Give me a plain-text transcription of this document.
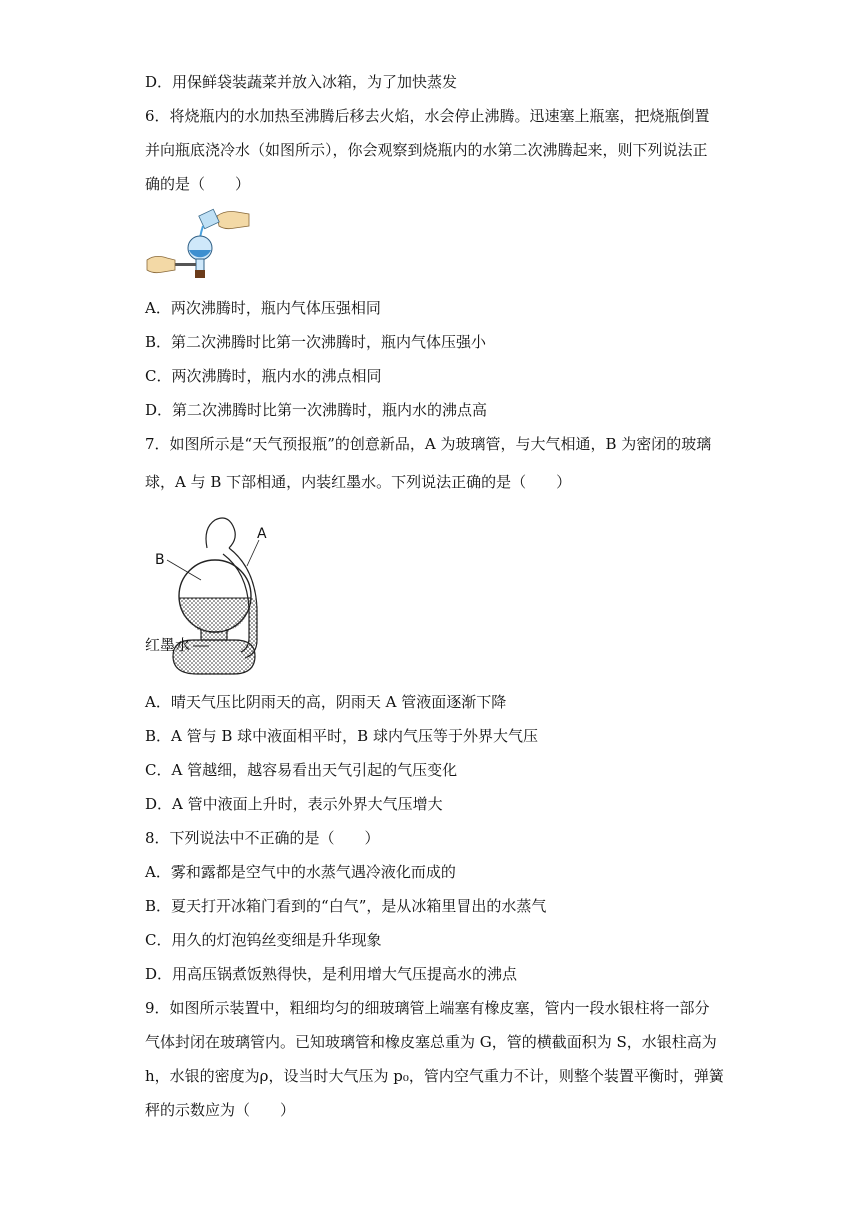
D．用保鲜袋装蔬菜并放入冰箱，为了加快蒸发
6．将烧瓶内的水加热至沸腾后移去火焰，水会停止沸腾。迅速塞上瓶塞，把烧瓶倒置
并向瓶底浇冷水（如图所示），你会观察到烧瓶内的水第二次沸腾起来，则下列说法正
确的是（　　）
A．两次沸腾时，瓶内气体压强相同
B．第二次沸腾时比第一次沸腾时，瓶内气体压强小
C．两次沸腾时，瓶内水的沸点相同
D．第二次沸腾时比第一次沸腾时，瓶内水的沸点高
7．如图所示是“天气预报瓶”的创意新品，A 为玻璃管，与大气相通，B 为密闭的玻璃
球，A 与 B 下部相通，内装红墨水。下列说法正确的是（　　）
B
A
红墨水
A．晴天气压比阴雨天的高，阴雨天 A 管液面逐渐下降
B．A 管与 B 球中液面相平时，B 球内气压等于外界大气压
C．A 管越细，越容易看出天气引起的气压变化
D．A 管中液面上升时，表示外界大气压增大
8．下列说法中不正确的是（　　）
A．雾和露都是空气中的水蒸气遇冷液化而成的
B．夏天打开冰箱门看到的“白气”，是从冰箱里冒出的水蒸气
C．用久的灯泡钨丝变细是升华现象
D．用高压锅煮饭熟得快，是利用增大气压提高水的沸点
9．如图所示装置中，粗细均匀的细玻璃管上端塞有橡皮塞，管内一段水银柱将一部分
气体封闭在玻璃管内。已知玻璃管和橡皮塞总重为 G，管的横截面积为 S，水银柱高为
h，水银的密度为ρ，设当时大气压为 p₀，管内空气重力不计，则整个装置平衡时，弹簧
秤的示数应为（　　）
